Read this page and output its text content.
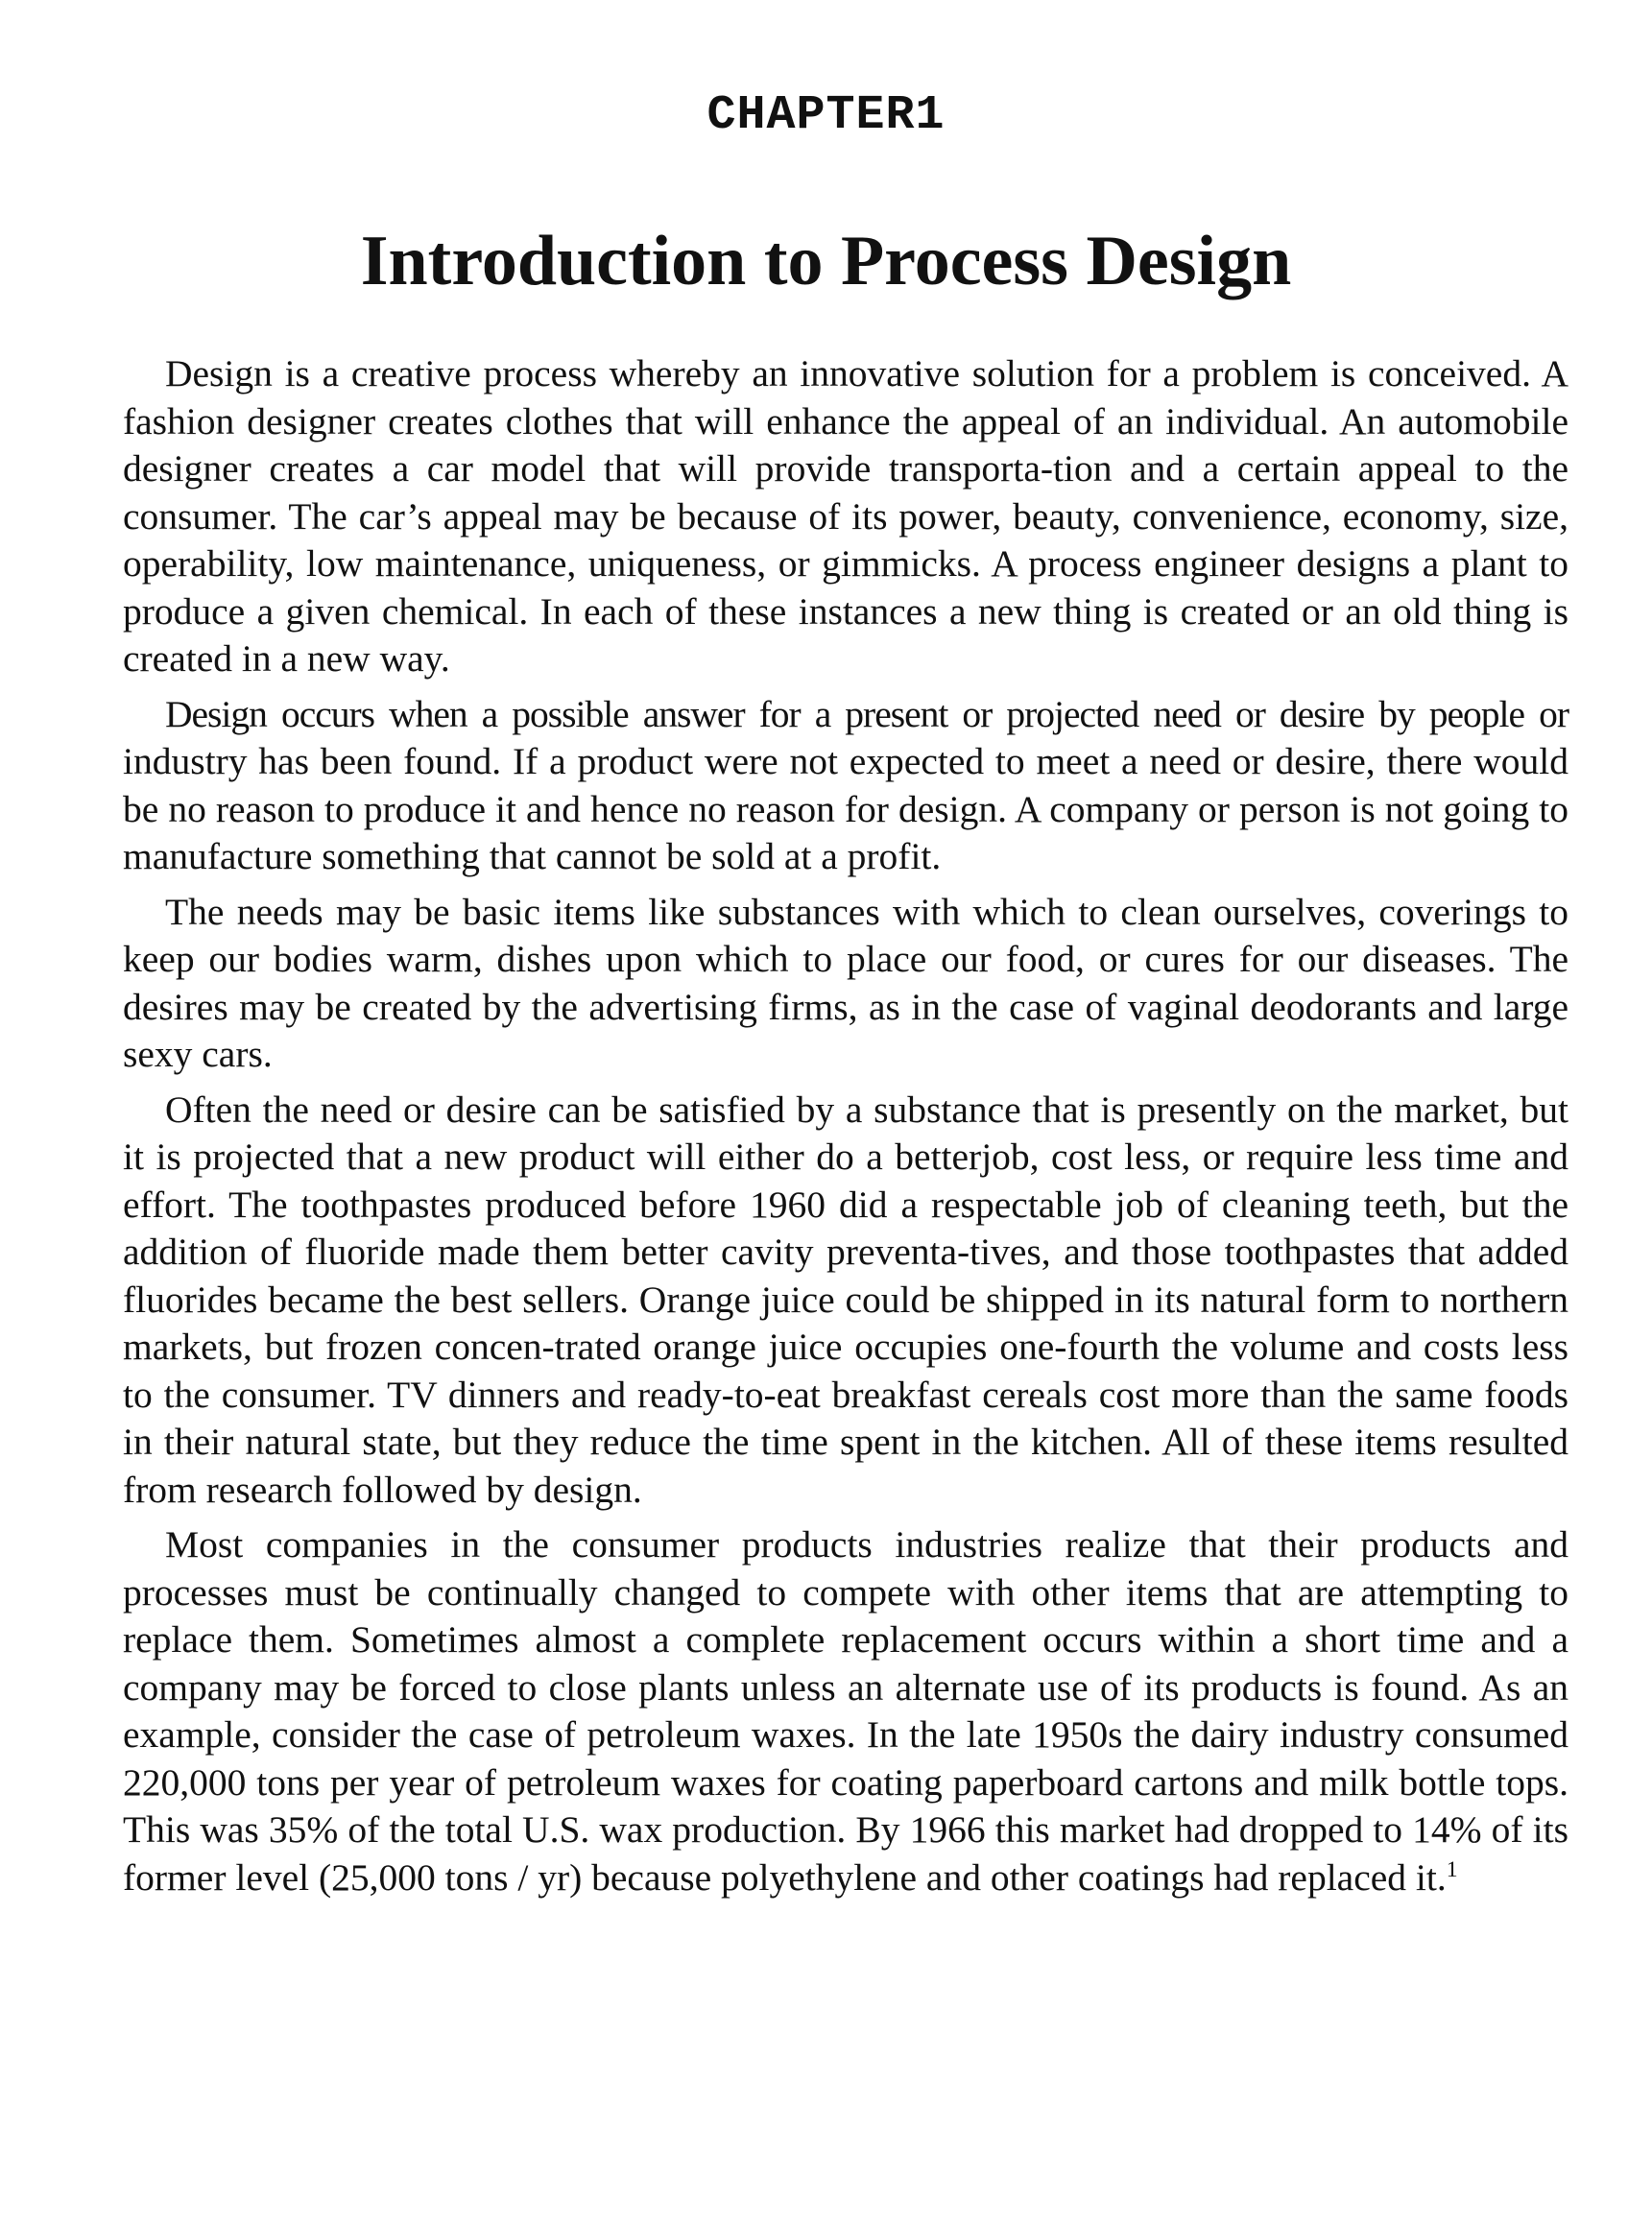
CHAPTER1
Introduction to Process Design

Design is a creative process whereby an innovative solution for a problem is conceived. A fashion designer creates clothes that will enhance the appeal of an individual. An automobile designer creates a car model that will provide transporta-tion and a certain appeal to the consumer. The car’s appeal may be because of its power, beauty, convenience, economy, size, operability, low maintenance, uniqueness, or gimmicks. A process engineer designs a plant to produce a given chemical. In each of these instances a new thing is created or an old thing is created in a new way.

Design occurs when a possible answer for a present or projected need or desire by people or industry has been found. If a product were not expected to meet a need or desire, there would be no reason to produce it and hence no reason for design. A company or person is not going to manufacture something that cannot be sold at a profit.

The needs may be basic items like substances with which to clean ourselves, coverings to keep our bodies warm, dishes upon which to place our food, or cures for our diseases. The desires may be created by the advertising firms, as in the case of vaginal deodorants and large sexy cars.

Often the need or desire can be satisfied by a substance that is presently on the market, but it is projected that a new product will either do a betterjob, cost less, or require less time and effort. The toothpastes produced before 1960 did a respectable job of cleaning teeth, but the addition of fluoride made them better cavity preventa-tives, and those toothpastes that added fluorides became the best sellers. Orange juice could be shipped in its natural form to northern markets, but frozen concen-trated orange juice occupies one-fourth the volume and costs less to the consumer. TV dinners and ready-to-eat breakfast cereals cost more than the same foods in their natural state, but they reduce the time spent in the kitchen. All of these items resulted from research followed by design.

Most companies in the consumer products industries realize that their products and processes must be continually changed to compete with other items that are attempting to replace them. Sometimes almost a complete replacement occurs within a short time and a company may be forced to close plants unless an alternate use of its products is found. As an example, consider the case of petroleum waxes. In the late 1950s the dairy industry consumed 220,000 tons per year of petroleum waxes for coating paperboard cartons and milk bottle tops. This was 35% of the total U.S. wax production. By 1966 this market had dropped to 14% of its former level (25,000 tons / yr) because polyethylene and other coatings had replaced it.$^1$
